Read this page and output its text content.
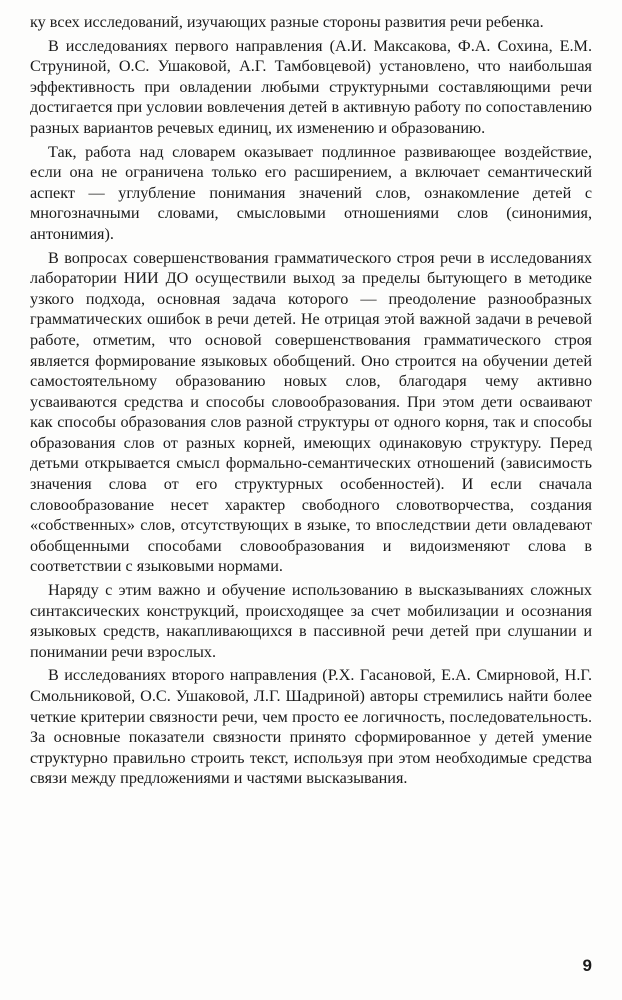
ку всех исследований, изучающих разные стороны развития речи ребенка.

В исследованиях первого направления (А.И. Максакова, Ф.А. Сохина, Е.М. Струниной, О.С. Ушаковой, А.Г. Тамбовцевой) установлено, что наибольшая эффективность при овладении любыми структурными составляющими речи достигается при условии вовлечения детей в активную работу по сопоставлению разных вариантов речевых единиц, их изменению и образованию.

Так, работа над словарем оказывает подлинное развивающее воздействие, если она не ограничена только его расширением, а включает семантический аспект — углубление понимания значений слов, ознакомление детей с многозначными словами, смысловыми отношениями слов (синонимия, антонимия).

В вопросах совершенствования грамматического строя речи в исследованиях лаборатории НИИ ДО осуществили выход за пределы бытующего в методике узкого подхода, основная задача которого — преодоление разнообразных грамматических ошибок в речи детей. Не отрицая этой важной задачи в речевой работе, отметим, что основой совершенствования грамматического строя является формирование языковых обобщений. Оно строится на обучении детей самостоятельному образованию новых слов, благодаря чему активно усваиваются средства и способы словообразования. При этом дети осваивают как способы образования слов разной структуры от одного корня, так и способы образования слов от разных корней, имеющих одинаковую структуру. Перед детьми открывается смысл формально-семантических отношений (зависимость значения слова от его структурных особенностей). И если сначала словообразование несет характер свободного словотворчества, создания «собственных» слов, отсутствующих в языке, то впоследствии дети овладевают обобщенными способами словообразования и видоизменяют слова в соответствии с языковыми нормами.

Наряду с этим важно и обучение использованию в высказываниях сложных синтаксических конструкций, происходящее за счет мобилизации и осознания языковых средств, накапливающихся в пассивной речи детей при слушании и понимании речи взрослых.

В исследованиях второго направления (Р.Х. Гасановой, Е.А. Смирновой, Н.Г. Смольниковой, О.С. Ушаковой, Л.Г. Шадриной) авторы стремились найти более четкие критерии связности речи, чем просто ее логичность, последовательность. За основные показатели связности принято сформированное у детей умение структурно правильно строить текст, используя при этом необходимые средства связи между предложениями и частями высказывания.

9
